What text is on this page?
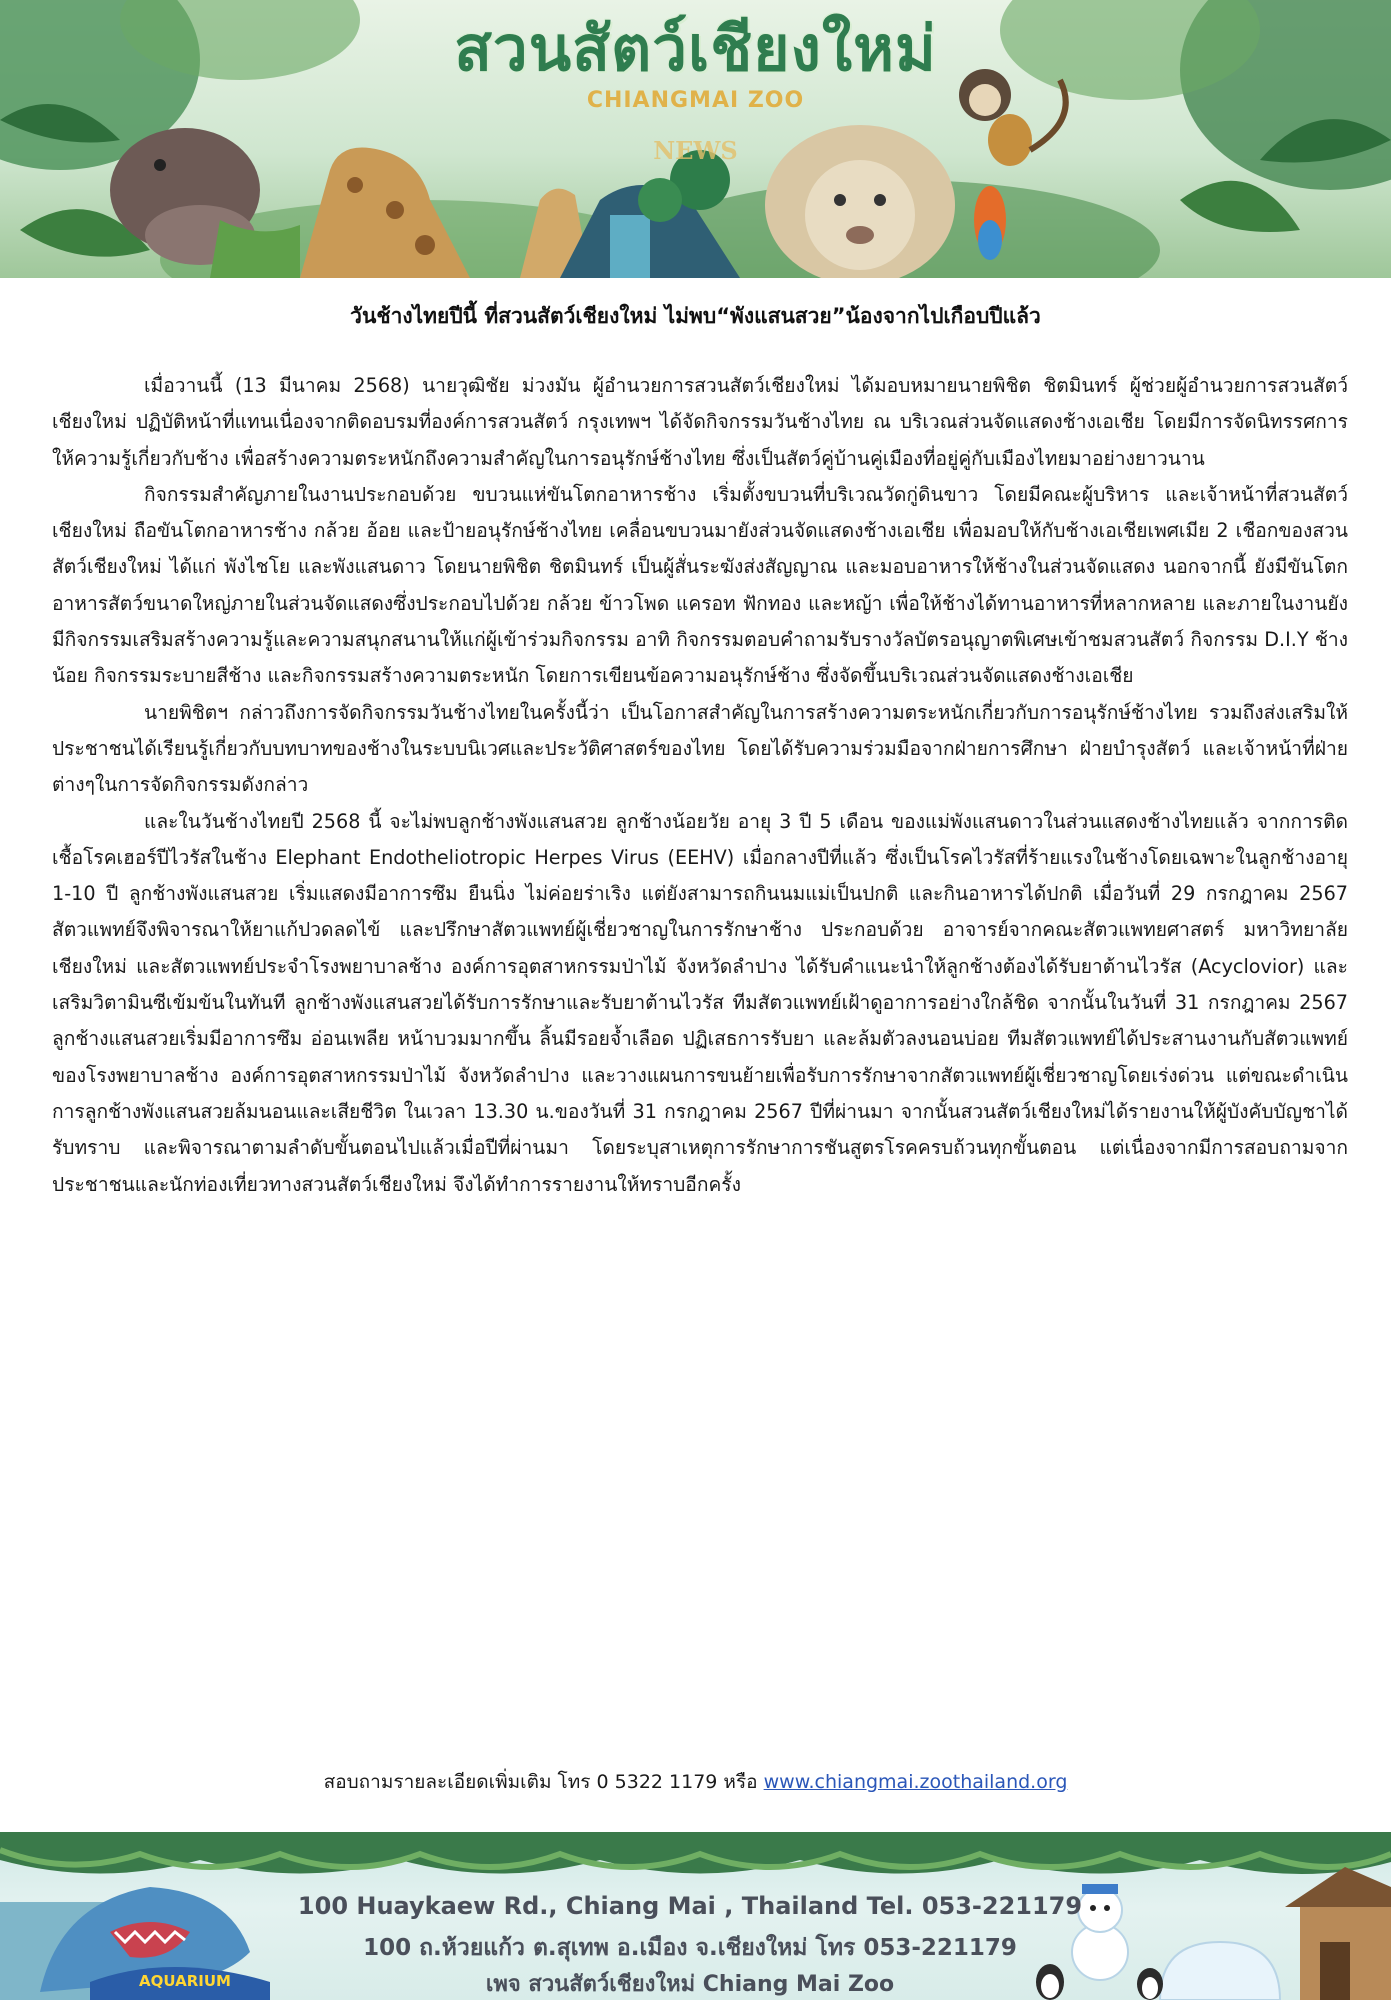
สวนสัตว์เชียงใหม่
CHIANGMAI ZOO
NEWS
วันช้างไทยปีนี้ ที่สวนสัตว์เชียงใหม่ ไม่พบ“พังแสนสวย”น้องจากไปเกือบปีแล้ว

เมื่อวานนี้ (13 มีนาคม 2568) นายวุฒิชัย ม่วงมัน ผู้อำนวยการสวนสัตว์เชียงใหม่ ได้มอบหมายนายพิชิต ชิตมินทร์ ผู้ช่วยผู้อำนวยการสวนสัตว์เชียงใหม่ ปฏิบัติหน้าที่แทนเนื่องจากติดอบรมที่องค์การสวนสัตว์ กรุงเทพฯ ได้จัดกิจกรรมวันช้างไทย ณ บริเวณส่วนจัดแสดงช้างเอเชีย โดยมีการจัดนิทรรศการให้ความรู้เกี่ยวกับช้าง เพื่อสร้างความตระหนักถึงความสำคัญในการอนุรักษ์ช้างไทย ซึ่งเป็นสัตว์คู่บ้านคู่เมืองที่อยู่คู่กับเมืองไทยมาอย่างยาวนาน

กิจกรรมสำคัญภายในงานประกอบด้วย ขบวนแห่ขันโตกอาหารช้าง เริ่มตั้งขบวนที่บริเวณวัดกู่ดินขาว โดยมีคณะผู้บริหาร และเจ้าหน้าที่สวนสัตว์เชียงใหม่ ถือขันโตกอาหารช้าง กล้วย อ้อย และป้ายอนุรักษ์ช้างไทย เคลื่อนขบวนมายังส่วนจัดแสดงช้างเอเชีย เพื่อมอบให้กับช้างเอเชียเพศเมีย 2 เชือกของสวนสัตว์เชียงใหม่ ได้แก่ พังไชโย และพังแสนดาว โดยนายพิชิต ชิตมินทร์ เป็นผู้สั่นระฆังส่งสัญญาณ และมอบอาหารให้ช้างในส่วนจัดแสดง นอกจากนี้ ยังมีขันโตกอาหารสัตว์ขนาดใหญ่ภายในส่วนจัดแสดงซึ่งประกอบไปด้วย กล้วย ข้าวโพด แครอท ฟักทอง และหญ้า เพื่อให้ช้างได้ทานอาหารที่หลากหลาย และภายในงานยังมีกิจกรรมเสริมสร้างความรู้และความสนุกสนานให้แก่ผู้เข้าร่วมกิจกรรม อาทิ กิจกรรมตอบคำถามรับรางวัลบัตรอนุญาตพิเศษเข้าชมสวนสัตว์ กิจกรรม D.I.Y ช้างน้อย กิจกรรมระบายสีช้าง และกิจกรรมสร้างความตระหนัก โดยการเขียนข้อความอนุรักษ์ช้าง ซึ่งจัดขึ้นบริเวณส่วนจัดแสดงช้างเอเชีย

นายพิชิตฯ กล่าวถึงการจัดกิจกรรมวันช้างไทยในครั้งนี้ว่า เป็นโอกาสสำคัญในการสร้างความตระหนักเกี่ยวกับการอนุรักษ์ช้างไทย รวมถึงส่งเสริมให้ประชาชนได้เรียนรู้เกี่ยวกับบทบาทของช้างในระบบนิเวศและประวัติศาสตร์ของไทย โดยได้รับความร่วมมือจากฝ่ายการศึกษา ฝ่ายบำรุงสัตว์ และเจ้าหน้าที่ฝ่ายต่างๆในการจัดกิจกรรมดังกล่าว

และในวันช้างไทยปี 2568 นี้ จะไม่พบลูกช้างพังแสนสวย ลูกช้างน้อยวัย อายุ 3 ปี 5 เดือน ของแม่พังแสนดาวในส่วนแสดงช้างไทยแล้ว จากการติดเชื้อโรคเฮอร์ปีไวรัสในช้าง Elephant Endotheliotropic Herpes Virus (EEHV) เมื่อกลางปีที่แล้ว ซึ่งเป็นโรคไวรัสที่ร้ายแรงในช้างโดยเฉพาะในลูกช้างอายุ 1-10 ปี ลูกช้างพังแสนสวย เริ่มแสดงมีอาการซึม ยืนนิ่ง ไม่ค่อยร่าเริง แต่ยังสามารถกินนมแม่เป็นปกติ และกินอาหารได้ปกติ เมื่อวันที่ 29 กรกฎาคม 2567 สัตวแพทย์จึงพิจารณาให้ยาแก้ปวดลดไข้ และปรึกษาสัตวแพทย์ผู้เชี่ยวชาญในการรักษาช้าง ประกอบด้วย อาจารย์จากคณะสัตวแพทยศาสตร์ มหาวิทยาลัยเชียงใหม่ และสัตวแพทย์ประจำโรงพยาบาลช้าง องค์การอุตสาหกรรมป่าไม้ จังหวัดลำปาง ได้รับคำแนะนำให้ลูกช้างต้องได้รับยาต้านไวรัส (Acyclovior) และเสริมวิตามินซีเข้มข้นในทันที ลูกช้างพังแสนสวยได้รับการรักษาและรับยาต้านไวรัส ทีมสัตวแพทย์เฝ้าดูอาการอย่างใกล้ชิด จากนั้นในวันที่ 31 กรกฎาคม 2567 ลูกช้างแสนสวยเริ่มมีอาการซึม อ่อนเพลีย หน้าบวมมากขึ้น ลิ้นมีรอยจ้ำเลือด ปฏิเสธการรับยา และล้มตัวลงนอนบ่อย ทีมสัตวแพทย์ได้ประสานงานกับสัตวแพทย์ของโรงพยาบาลช้าง องค์การอุตสาหกรรมป่าไม้ จังหวัดลำปาง และวางแผนการขนย้ายเพื่อรับการรักษาจากสัตวแพทย์ผู้เชี่ยวชาญโดยเร่งด่วน แต่ขณะดำเนินการลูกช้างพังแสนสวยล้มนอนและเสียชีวิต ในเวลา 13.30 น.ของวันที่ 31 กรกฎาคม 2567 ปีที่ผ่านมา จากนั้นสวนสัตว์เชียงใหม่ได้รายงานให้ผู้บังคับบัญชาได้รับทราบ และพิจารณาตามลำดับขั้นตอนไปแล้วเมื่อปีที่ผ่านมา โดยระบุสาเหตุการรักษาการชันสูตรโรคครบถ้วนทุกขั้นตอน แต่เนื่องจากมีการสอบถามจากประชาชนและนักท่องเที่ยวทางสวนสัตว์เชียงใหม่ จึงได้ทำการรายงานให้ทราบอีกครั้ง

สอบถามรายละเอียดเพิ่มเติม โทร 0 5322 1179 หรือ www.chiangmai.zoothailand.org
AQUARIUM
100 Huaykaew Rd., Chiang Mai , Thailand Tel. 053-221179
100 ถ.ห้วยแก้ว ต.สุเทพ อ.เมือง จ.เชียงใหม่ โทร 053-221179
เพจ สวนสัตว์เชียงใหม่ Chiang Mai Zoo
